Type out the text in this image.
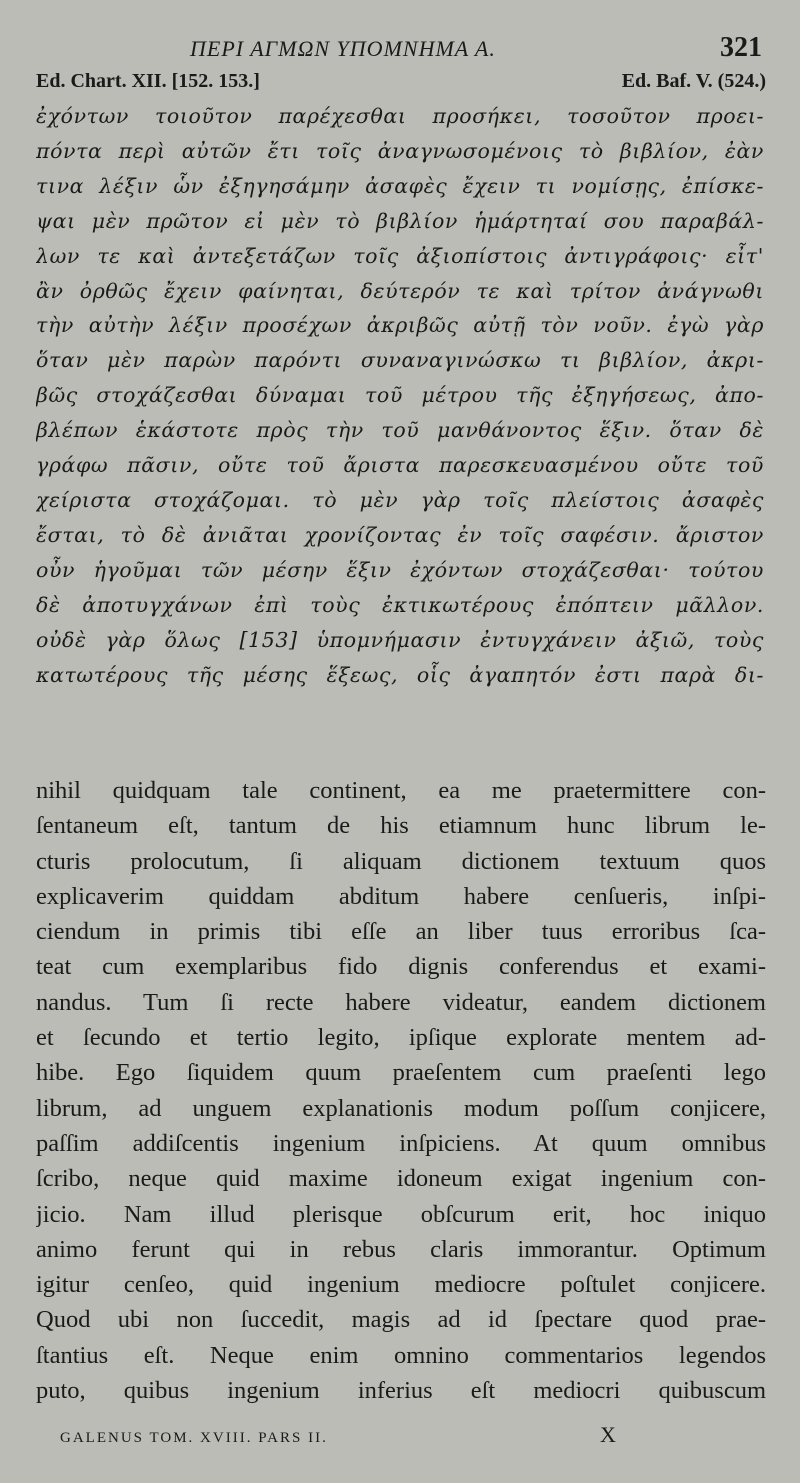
ΠΕΡΙ ΑΓΜΩΝ ΥΠΟΜΝΗΜΑ Α.	321
Ed. Chart. XII. [152. 153.]	Ed. Baf. V. (524.)
ἐχόντων τοιοῦτον παρέχεσθαι προσήκει, τοσοῦτον προει-
πόντα περὶ αὐτῶν ἔτι τοῖς ἀναγνωσομένοις τὸ βιβλίον, ἐὰν
τινα λέξιν ὧν ἐξηγησάμην ἀσαφὲς ἔχειν τι νομίσῃς, ἐπίσκε-
ψαι μὲν πρῶτον εἰ μὲν τὸ βιβλίον ἡμάρτηταί σου παραβάλ-
λων τε καὶ ἀντεξετάζων τοῖς ἀξιοπίστοις ἀντιγράφοις· εἶτ'
ἂν ὀρθῶς ἔχειν φαίνηται, δεύτερόν τε καὶ τρίτον ἀνάγνωθι
τὴν αὐτὴν λέξιν προσέχων ἀκριβῶς αὐτῇ τὸν νοῦν. ἐγὼ γὰρ
ὅταν μὲν παρὼν παρόντι συναναγινώσκω τι βιβλίον, ἀκρι-
βῶς στοχάζεσθαι δύναμαι τοῦ μέτρου τῆς ἐξηγήσεως, ἀπο-
βλέπων ἑκάστοτε πρὸς τὴν τοῦ μανθάνοντος ἕξιν. ὅταν δὲ
γράφω πᾶσιν, οὔτε τοῦ ἄριστα παρεσκευασμένου οὔτε τοῦ
χείριστα στοχάζομαι. τὸ μὲν γὰρ τοῖς πλείστοις ἀσαφὲς
ἔσται, τὸ δὲ ἀνιᾶται χρονίζοντας ἐν τοῖς σαφέσιν. ἄριστον
οὖν ἡγοῦμαι τῶν μέσην ἕξιν ἐχόντων στοχάζεσθαι· τούτου
δὲ ἀποτυγχάνων ἐπὶ τοὺς ἐκτικωτέρους ἐπόπτειν μᾶλλον.
οὐδὲ γὰρ ὅλως [153] ὑπομνήμασιν ἐντυγχάνειν ἀξιῶ, τοὺς
κατωτέρους τῆς μέσης ἕξεως, οἷς ἀγαπητόν ἐστι παρὰ δι-
nihil quidquam tale continent, ea me praetermittere con-
ſentaneum eſt, tantum de his etiamnum hunc librum le-
cturis prolocutum, ſi aliquam dictionem textuum quos
explicaverim quiddam abditum habere cenſueris, inſpi-
ciendum in primis tibi eſſe an liber tuus erroribus ſca-
teat cum exemplaribus fido dignis conferendus et exami-
nandus. Tum ſi recte habere videatur, eandem dictionem
et ſecundo et tertio legito, ipſique explorate mentem ad-
hibe. Ego ſiquidem quum praeſentem cum praeſenti lego
librum, ad unguem explanationis modum poſſum conjicere,
paſſim addiſcentis ingenium inſpiciens. At quum omnibus
ſcribo, neque quid maxime idoneum exigat ingenium con-
jicio. Nam illud plerisque obſcurum erit, hoc iniquo
animo ferunt qui in rebus claris immorantur. Optimum
igitur cenſeo, quid ingenium mediocre poſtulet conjicere.
Quod ubi non ſuccedit, magis ad id ſpectare quod prae-
ſtantius eſt. Neque enim omnino commentarios legendos
puto, quibus ingenium inferius eſt mediocri quibuscum
GALENUS TOM. XVIII. PARS II.	X
